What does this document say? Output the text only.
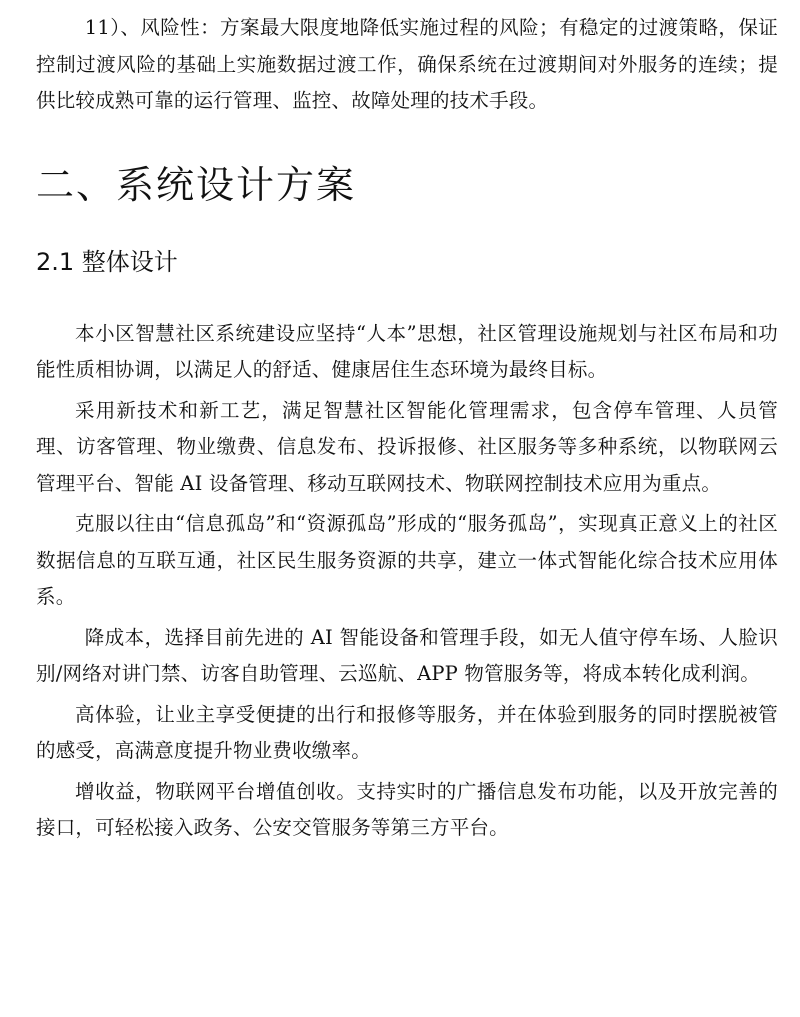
11）、风险性：方案最大限度地降低实施过程的风险；有稳定的过渡策略，保证控制过渡风险的基础上实施数据过渡工作，确保系统在过渡期间对外服务的连续；提供比较成熟可靠的运行管理、监控、故障处理的技术手段。

二、系统设计方案
2.1 整体设计

本小区智慧社区系统建设应坚持“人本”思想，社区管理设施规划与社区布局和功能性质相协调，以满足人的舒适、健康居住生态环境为最终目标。

采用新技术和新工艺，满足智慧社区智能化管理需求，包含停车管理、人员管理、访客管理、物业缴费、信息发布、投诉报修、社区服务等多种系统，以物联网云管理平台、智能 AI 设备管理、移动互联网技术、物联网控制技术应用为重点。

克服以往由“信息孤岛”和“资源孤岛”形成的“服务孤岛”，实现真正意义上的社区数据信息的互联互通，社区民生服务资源的共享，建立一体式智能化综合技术应用体系。

降成本，选择目前先进的 AI 智能设备和管理手段，如无人值守停车场、人脸识别/网络对讲门禁、访客自助管理、云巡航、APP 物管服务等，将成本转化成利润。

高体验，让业主享受便捷的出行和报修等服务，并在体验到服务的同时摆脱被管的感受，高满意度提升物业费收缴率。

增收益，物联网平台增值创收。支持实时的广播信息发布功能，以及开放完善的接口，可轻松接入政务、公安交管服务等第三方平台。
